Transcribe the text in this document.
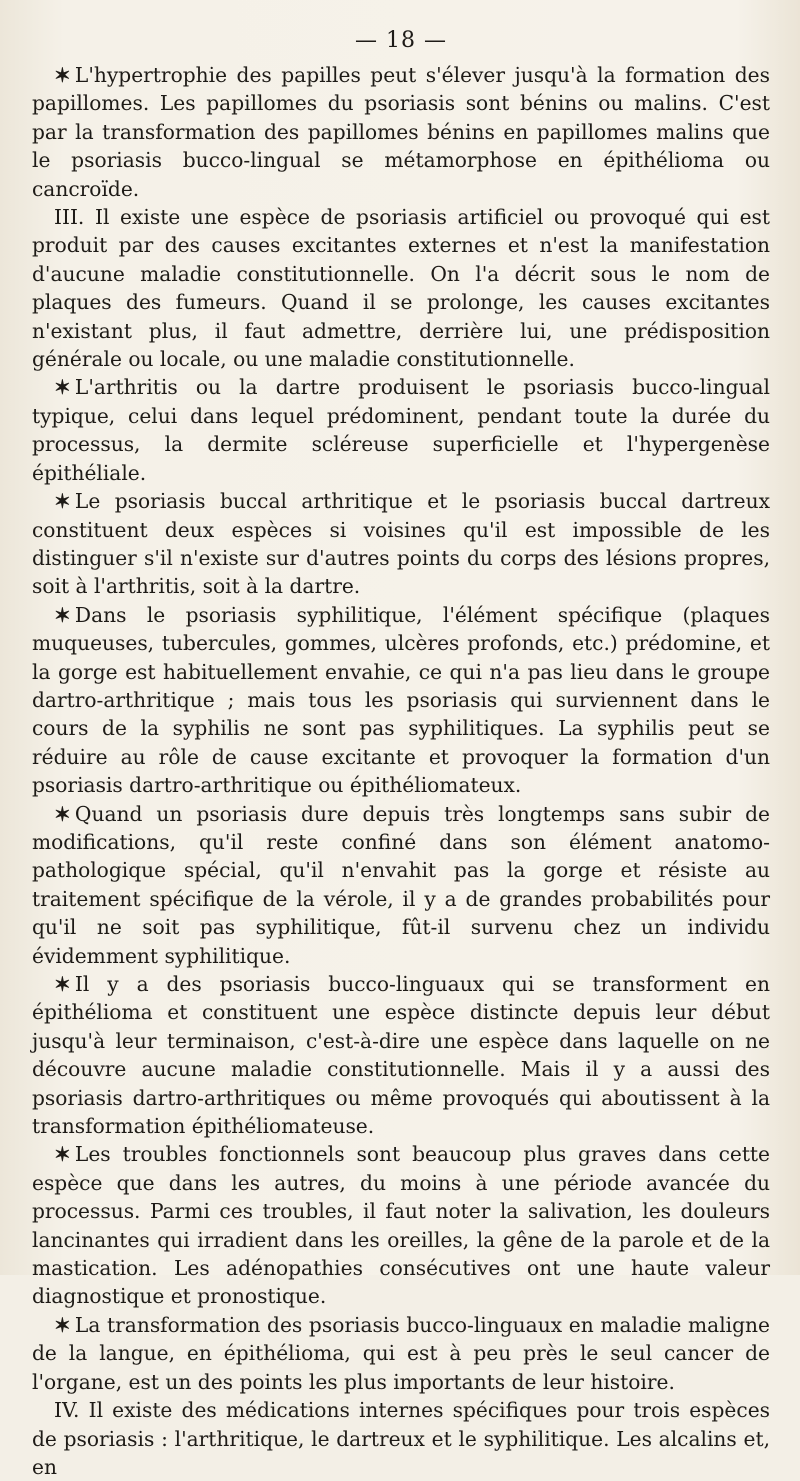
— 18 —

✶ L'hypertrophie des papilles peut s'élever jusqu'à la formation des papillomes. Les papillomes du psoriasis sont bénins ou malins. C'est par la transformation des papillomes bénins en papillomes malins que le psoriasis bucco-lingual se métamorphose en épithélioma ou cancroïde.

III. Il existe une espèce de psoriasis artificiel ou provoqué qui est produit par des causes excitantes externes et n'est la manifestation d'aucune maladie constitutionnelle. On l'a décrit sous le nom de plaques des fumeurs. Quand il se prolonge, les causes excitantes n'existant plus, il faut admettre, derrière lui, une prédisposition générale ou locale, ou une maladie constitutionnelle.

✶ L'arthritis ou la dartre produisent le psoriasis bucco-lingual typique, celui dans lequel prédominent, pendant toute la durée du processus, la dermite scléreuse superficielle et l'hypergenèse épithéliale.

✶ Le psoriasis buccal arthritique et le psoriasis buccal dartreux constituent deux espèces si voisines qu'il est impossible de les distinguer s'il n'existe sur d'autres points du corps des lésions propres, soit à l'arthritis, soit à la dartre.

✶ Dans le psoriasis syphilitique, l'élément spécifique (plaques muqueuses, tubercules, gommes, ulcères profonds, etc.) prédomine, et la gorge est habituellement envahie, ce qui n'a pas lieu dans le groupe dartro-arthritique ; mais tous les psoriasis qui surviennent dans le cours de la syphilis ne sont pas syphilitiques. La syphilis peut se réduire au rôle de cause excitante et provoquer la formation d'un psoriasis dartro-arthritique ou épithéliomateux.

✶ Quand un psoriasis dure depuis très longtemps sans subir de modifications, qu'il reste confiné dans son élément anatomo-pathologique spécial, qu'il n'envahit pas la gorge et résiste au traitement spécifique de la vérole, il y a de grandes probabilités pour qu'il ne soit pas syphilitique, fût-il survenu chez un individu évidemment syphilitique.

✶ Il y a des psoriasis bucco-linguaux qui se transforment en épithélioma et constituent une espèce distincte depuis leur début jusqu'à leur terminaison, c'est-à-dire une espèce dans laquelle on ne découvre aucune maladie constitutionnelle. Mais il y a aussi des psoriasis dartro-arthritiques ou même provoqués qui aboutissent à la transformation épithéliomateuse.

✶ Les troubles fonctionnels sont beaucoup plus graves dans cette espèce que dans les autres, du moins à une période avancée du processus. Parmi ces troubles, il faut noter la salivation, les douleurs lancinantes qui irradient dans les oreilles, la gêne de la parole et de la mastication. Les adénopathies consécutives ont une haute valeur diagnostique et pronostique.

✶ La transformation des psoriasis bucco-linguaux en maladie maligne de la langue, en épithélioma, qui est à peu près le seul cancer de l'organe, est un des points les plus importants de leur histoire.

IV. Il existe des médications internes spécifiques pour trois espèces de psoriasis : l'arthritique, le dartreux et le syphilitique. Les alcalins et, en
